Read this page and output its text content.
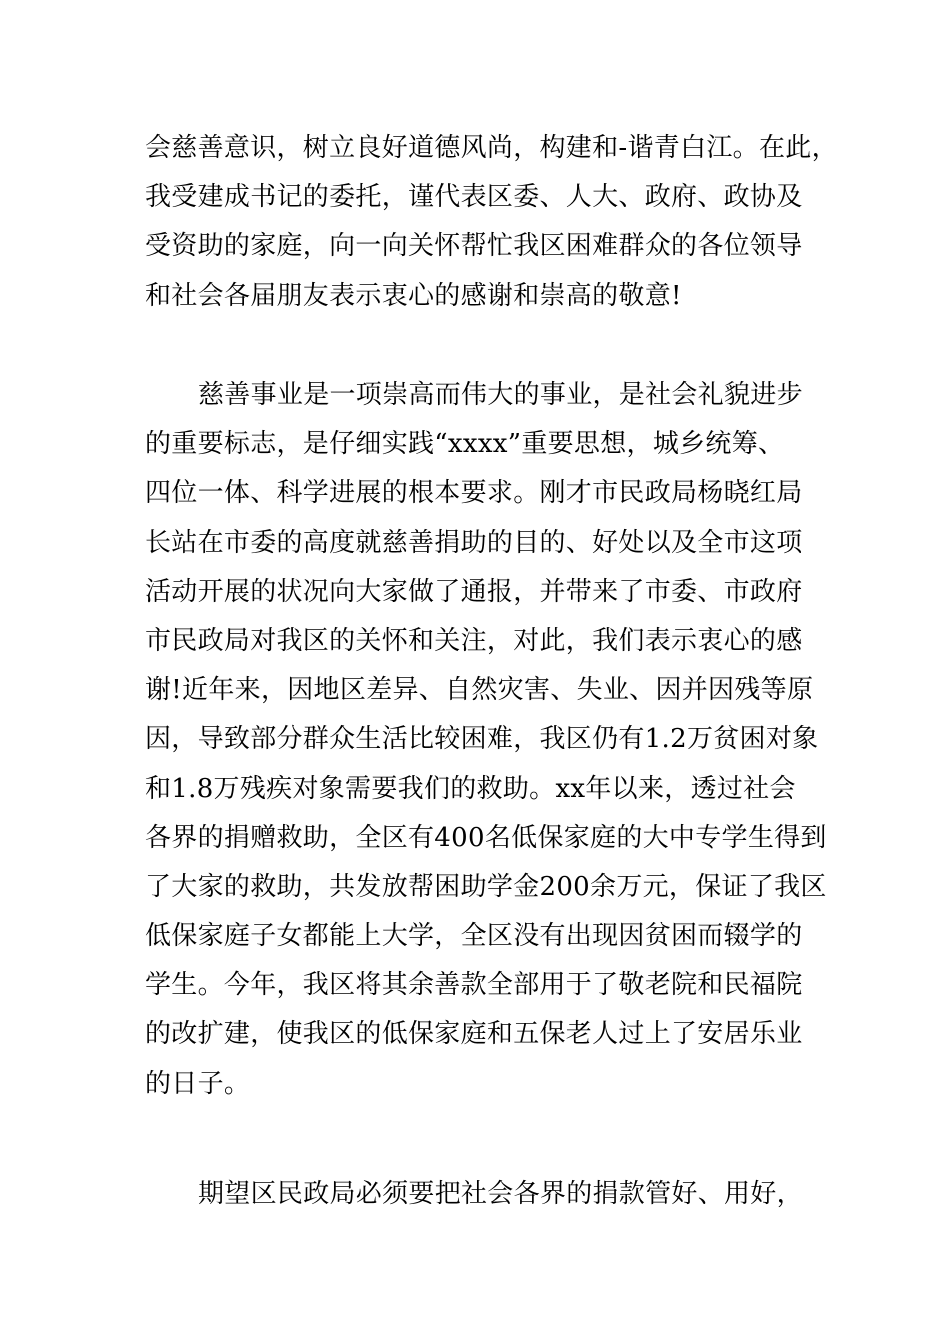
会慈善意识，树立良好道德风尚，构建和-谐青白江。在此，
我受建成书记的委托，谨代表区委、人大、政府、政协及
受资助的家庭，向一向关怀帮忙我区困难群众的各位领导
和社会各届朋友表示衷心的感谢和崇高的敬意!
慈善事业是一项崇高而伟大的事业，是社会礼貌进步
的重要标志，是仔细实践“xxxx”重要思想，城乡统筹、
四位一体、科学进展的根本要求。刚才市民政局杨晓红局
长站在市委的高度就慈善捐助的目的、好处以及全市这项
活动开展的状况向大家做了通报，并带来了市委、市政府
市民政局对我区的关怀和关注，对此，我们表示衷心的感
谢!近年来，因地区差异、自然灾害、失业、因并因残等原
因，导致部分群众生活比较困难，我区仍有1.2万贫困对象
和1.8万残疾对象需要我们的救助。xx年以来，透过社会
各界的捐赠救助，全区有400名低保家庭的大中专学生得到
了大家的救助，共发放帮困助学金200余万元，保证了我区
低保家庭子女都能上大学，全区没有出现因贫困而辍学的
学生。今年，我区将其余善款全部用于了敬老院和民福院
的改扩建，使我区的低保家庭和五保老人过上了安居乐业
的日子。
期望区民政局必须要把社会各界的捐款管好、用好，
